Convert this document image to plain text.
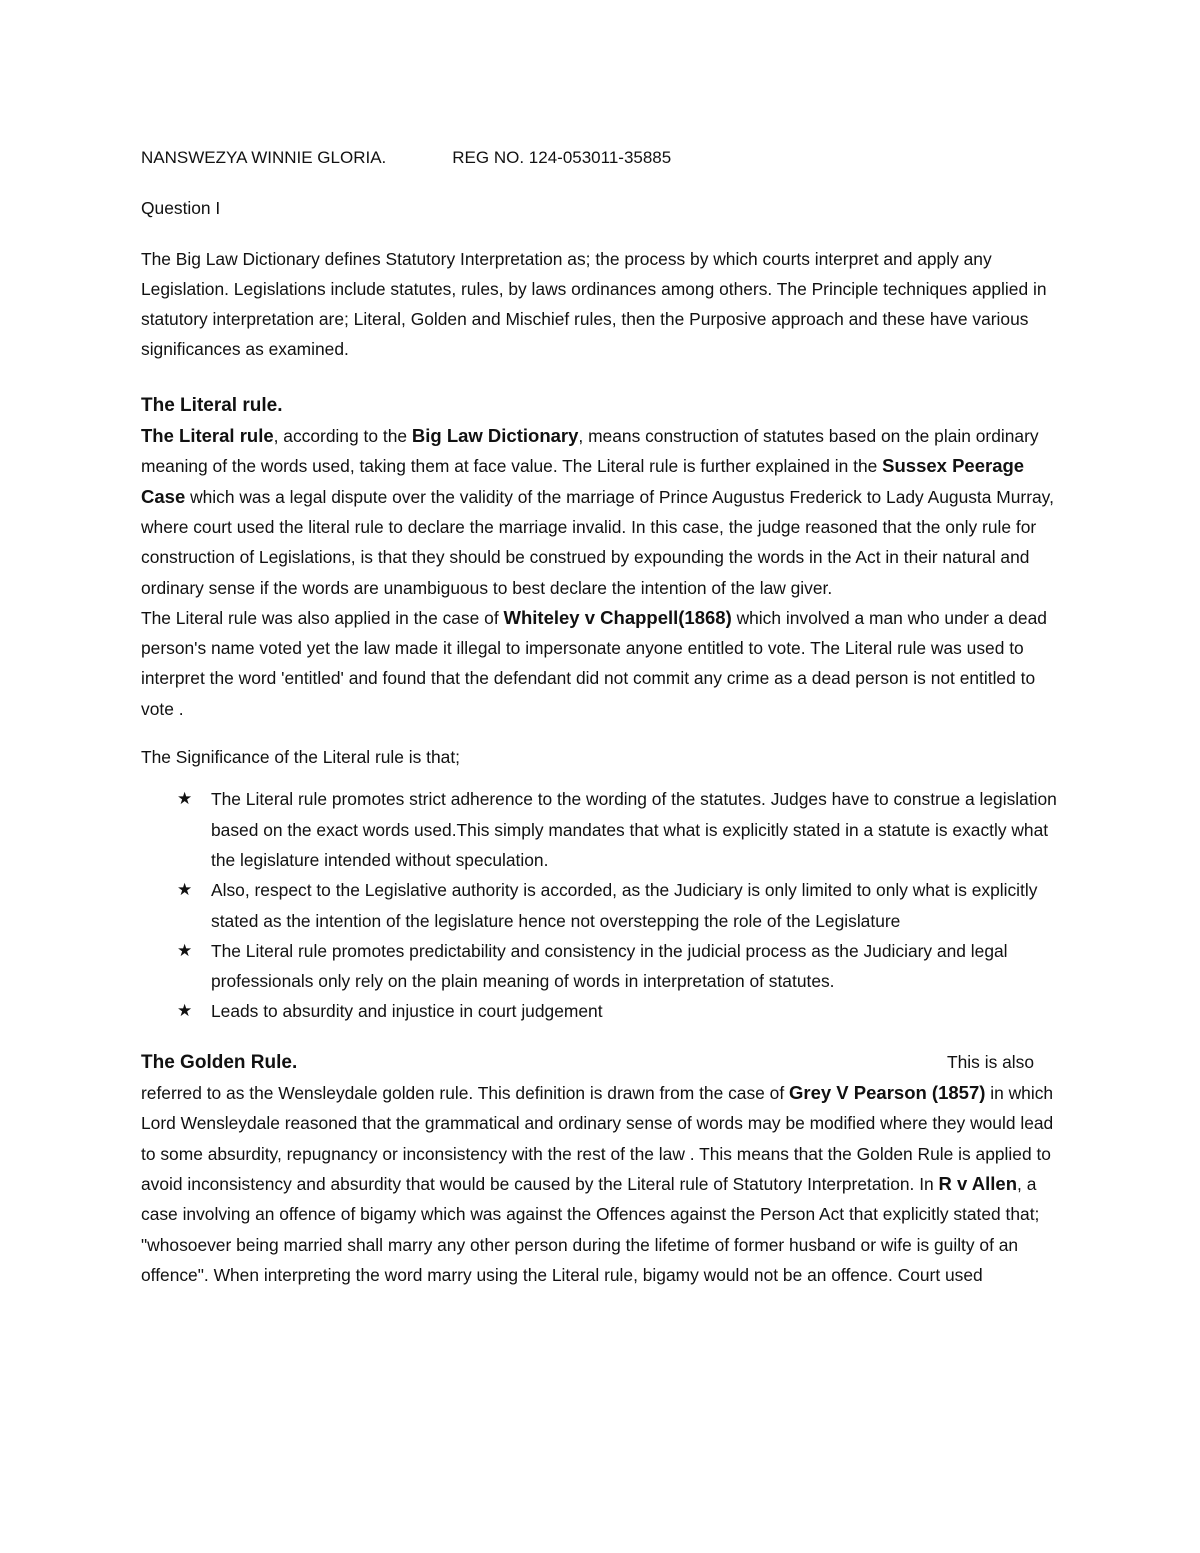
NANSWEZYA WINNIE GLORIA.	REG NO. 124-053011-35885

Question I

The Big Law Dictionary defines Statutory Interpretation as; the process by which courts interpret and apply any Legislation. Legislations include statutes, rules, by laws ordinances among others. The Principle techniques applied in statutory interpretation are; Literal, Golden and Mischief rules, then the Purposive approach and these have various significances as examined.

The Literal rule.

The Literal rule, according to the Big Law Dictionary, means construction of statutes based on the plain ordinary meaning of the words used, taking them at face value. The Literal rule is further explained in the Sussex Peerage Case which was a legal dispute over the validity of the marriage of Prince Augustus Frederick to Lady Augusta Murray, where court used the literal rule to declare the marriage invalid. In this case, the judge reasoned that the only rule for construction of Legislations, is that they should be construed by expounding the words in the Act in their natural and ordinary sense if the words are unambiguous to best declare the intention of the law giver.

The Literal rule was also applied in the case of Whiteley v Chappell(1868) which involved a man who under a dead person's name voted yet the law made it illegal to impersonate anyone entitled to vote. The Literal rule was used to interpret the word 'entitled' and found that the defendant did not commit any crime as a dead person is not entitled to vote .

The Significance of the Literal rule is that;

★ The Literal rule promotes strict adherence to the wording of the statutes. Judges have to construe a legislation based on the exact words used.This simply mandates that what is explicitly stated in a statute is exactly what the legislature intended without speculation.
★ Also, respect to the Legislative authority is accorded, as the Judiciary is only limited to only what is explicitly stated as the intention of the legislature hence not overstepping the role of the Legislature
★ The Literal rule promotes predictability and consistency in the judicial process as the Judiciary and legal professionals only rely on the plain meaning of words in interpretation of statutes.
★ Leads to absurdity and injustice in court judgement
The Golden Rule.	This is also

referred to as the Wensleydale golden rule. This definition is drawn from the case of Grey V Pearson (1857) in which Lord Wensleydale reasoned that the grammatical and ordinary sense of words may be modified where they would lead to some absurdity, repugnancy or inconsistency with the rest of the law . This means that the Golden Rule is applied to avoid inconsistency and absurdity that would be caused by the Literal rule of Statutory Interpretation. In R v Allen, a case involving an offence of bigamy which was against the Offences against the Person Act that explicitly stated that; "whosoever being married shall marry any other person during the lifetime of former husband or wife is guilty of an offence". When interpreting the word marry using the Literal rule, bigamy would not be an offence. Court used
